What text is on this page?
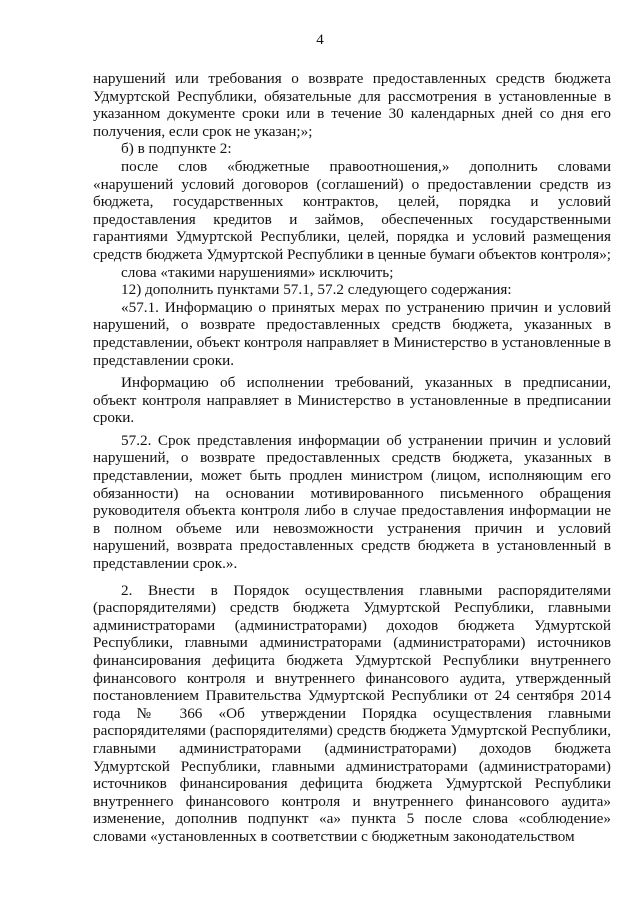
4

нарушений или требования о возврате предоставленных средств бюджета Удмуртской Республики, обязательные для рассмотрения в установленные в указанном документе сроки или в течение 30 календарных дней со дня его получения, если срок не указан;»;

б) в подпункте 2:

после слов «бюджетные правоотношения,» дополнить словами «нарушений условий договоров (соглашений) о предоставлении средств из бюджета, государственных контрактов, целей, порядка и условий предоставления кредитов и займов, обеспеченных государственными гарантиями Удмуртской Республики, целей, порядка и условий размещения средств бюджета Удмуртской Республики в ценные бумаги объектов контроля»;

слова «такими нарушениями» исключить;

12) дополнить пунктами 57.1, 57.2 следующего содержания:

«57.1. Информацию о принятых мерах по устранению причин и условий нарушений, о возврате предоставленных средств бюджета, указанных в представлении, объект контроля направляет в Министерство в установленные в представлении сроки.

Информацию об исполнении требований, указанных в предписании, объект контроля направляет в Министерство в установленные в предписании сроки.

57.2. Срок представления информации об устранении причин и условий нарушений, о возврате предоставленных средств бюджета, указанных в представлении, может быть продлен министром (лицом, исполняющим его обязанности) на основании мотивированного письменного обращения руководителя объекта контроля либо в случае предоставления информации не в полном объеме или невозможности устранения причин и условий нарушений, возврата предоставленных средств бюджета в установленный в представлении срок.».

2. Внести в Порядок осуществления главными распорядителями (распорядителями) средств бюджета Удмуртской Республики, главными администраторами (администраторами) доходов бюджета Удмуртской Республики, главными администраторами (администраторами) источников финансирования дефицита бюджета Удмуртской Республики внутреннего финансового контроля и внутреннего финансового аудита, утвержденный постановлением Правительства Удмуртской Республики от 24 сентября 2014 года № 366 «Об утверждении Порядка осуществления главными распорядителями (распорядителями) средств бюджета Удмуртской Республики, главными администраторами (администраторами) доходов бюджета Удмуртской Республики, главными администраторами (администраторами) источников финансирования дефицита бюджета Удмуртской Республики внутреннего финансового контроля и внутреннего финансового аудита» изменение, дополнив подпункт «а» пункта 5 после слова «соблюдение» словами «установленных в соответствии с бюджетным законодательством
